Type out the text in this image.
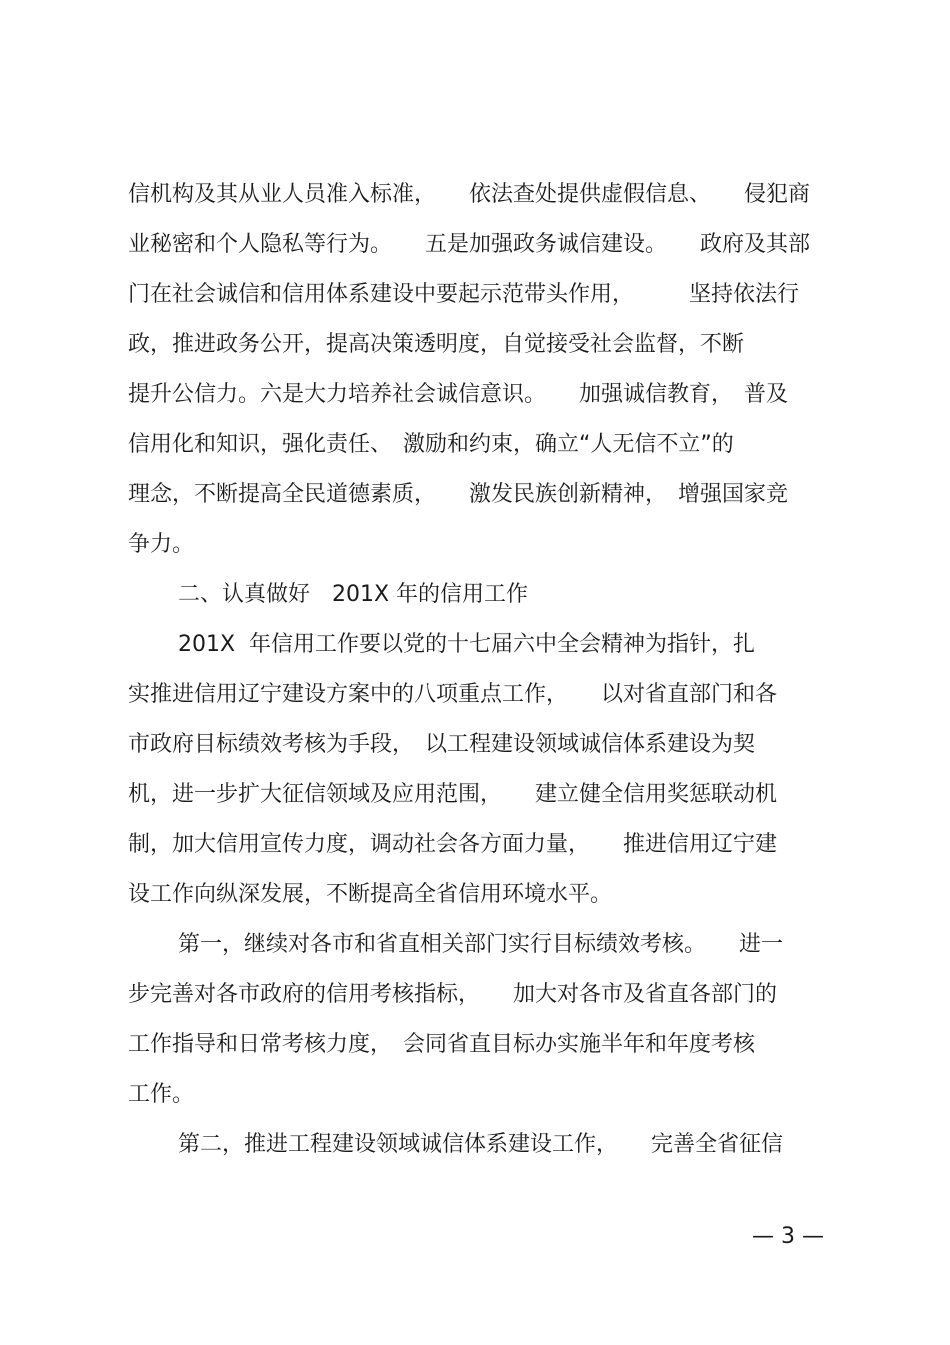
信机构及其从业人员准入标准，　　依法查处提供虚假信息、　　侵犯商
业秘密和个人隐私等行为。　　五是加强政务诚信建设。　　政府及其部
门在社会诚信和信用体系建设中要起示范带头作用，　　　坚持依法行
政，推进政务公开，提高决策透明度，自觉接受社会监督，不断
提升公信力。六是大力培养社会诚信意识。　　加强诚信教育，　普及
信用化和知识，强化责任、　激励和约束，确立“人无信不立”的
理念，不断提高全民道德素质，　　激发民族创新精神，　增强国家竞
争力。
二、认真做好　201X 年的信用工作
201X  年信用工作要以党的十七届六中全会精神为指针，扎
实推进信用辽宁建设方案中的八项重点工作，　　以对省直部门和各
市政府目标绩效考核为手段，　以工程建设领域诚信体系建设为契
机，进一步扩大征信领域及应用范围，　　建立健全信用奖惩联动机
制，加大信用宣传力度，调动社会各方面力量，　　推进信用辽宁建
设工作向纵深发展，不断提高全省信用环境水平。
第一，继续对各市和省直相关部门实行目标绩效考核。　　进一
步完善对各市政府的信用考核指标，　　加大对各市及省直各部门的
工作指导和日常考核力度，　会同省直目标办实施半年和年度考核
工作。
第二，推进工程建设领域诚信体系建设工作，　　完善全省征信
— 3 —
